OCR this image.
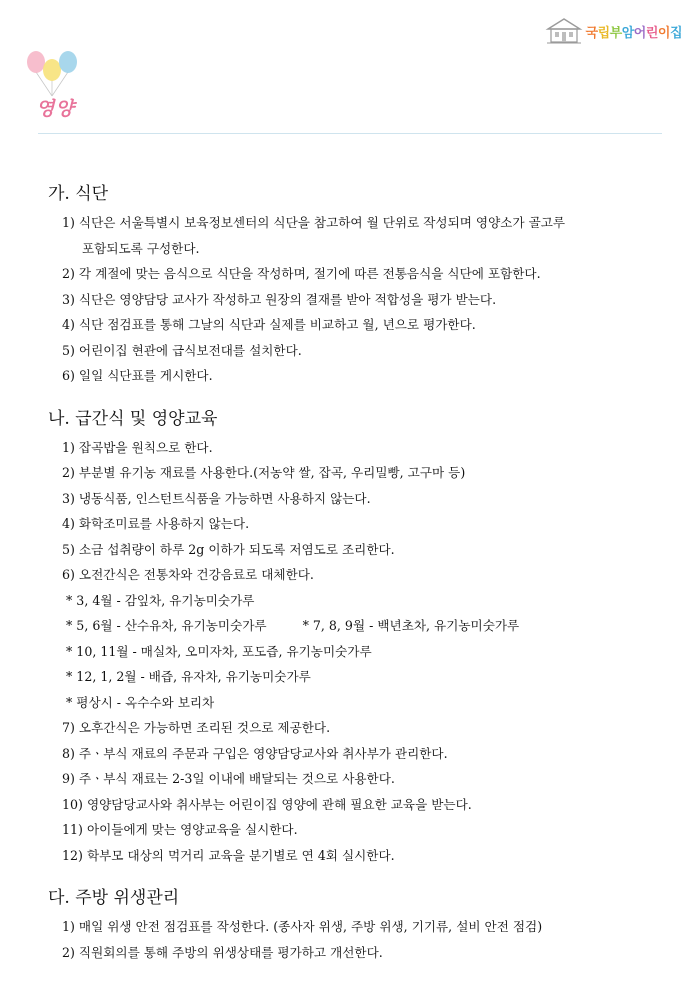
국립부암어린이집
영양
가. 식단
1) 식단은 서울특별시 보육정보센터의 식단을 참고하여 월 단위로 작성되며 영양소가 골고루
포함되도록 구성한다.
2) 각 계절에 맞는 음식으로 식단을 작성하며, 절기에 따른 전통음식을 식단에 포함한다.
3) 식단은 영양담당 교사가 작성하고 원장의 결재를 받아 적합성을 평가 받는다.
4) 식단 점검표를 통해 그날의 식단과 실제를 비교하고 월, 년으로 평가한다.
5) 어린이집 현관에 급식보전대를 설치한다.
6) 일일 식단표를 게시한다.
나. 급간식 및 영양교육
1) 잡곡밥을 원칙으로 한다.
2) 부분별 유기농 재료를 사용한다.(저농약 쌀, 잡곡, 우리밀빵, 고구마 등)
3) 냉동식품, 인스턴트식품을 가능하면 사용하지 않는다.
4) 화학조미료를 사용하지 않는다.
5) 소금 섭취량이 하루 2g 이하가 되도록 저염도로 조리한다.
6) 오전간식은 전통차와 건강음료로 대체한다.
* 3, 4월 - 감잎차, 유기농미숫가루
* 5, 6월 - 산수유차, 유기농미숫가루	* 7, 8, 9월 - 백년초차, 유기농미숫가루
* 10, 11월 - 매실차, 오미자차, 포도즙, 유기농미숫가루
* 12, 1, 2월 - 배즙, 유자차, 유기농미숫가루
* 평상시 - 옥수수와 보리차
7) 오후간식은 가능하면 조리된 것으로 제공한다.
8) 주ㆍ부식 재료의 주문과 구입은 영양담당교사와 취사부가 관리한다.
9) 주ㆍ부식 재료는 2-3일 이내에 배달되는 것으로 사용한다.
10) 영양담당교사와 취사부는 어린이집 영양에 관해 필요한 교육을 받는다.
11) 아이들에게 맞는 영양교육을 실시한다.
12) 학부모 대상의 먹거리 교육을 분기별로 연 4회 실시한다.
다. 주방 위생관리
1) 매일 위생 안전 점검표를 작성한다. (종사자 위생, 주방 위생, 기기류, 설비 안전 점검)
2) 직원회의를 통해 주방의 위생상태를 평가하고 개선한다.
